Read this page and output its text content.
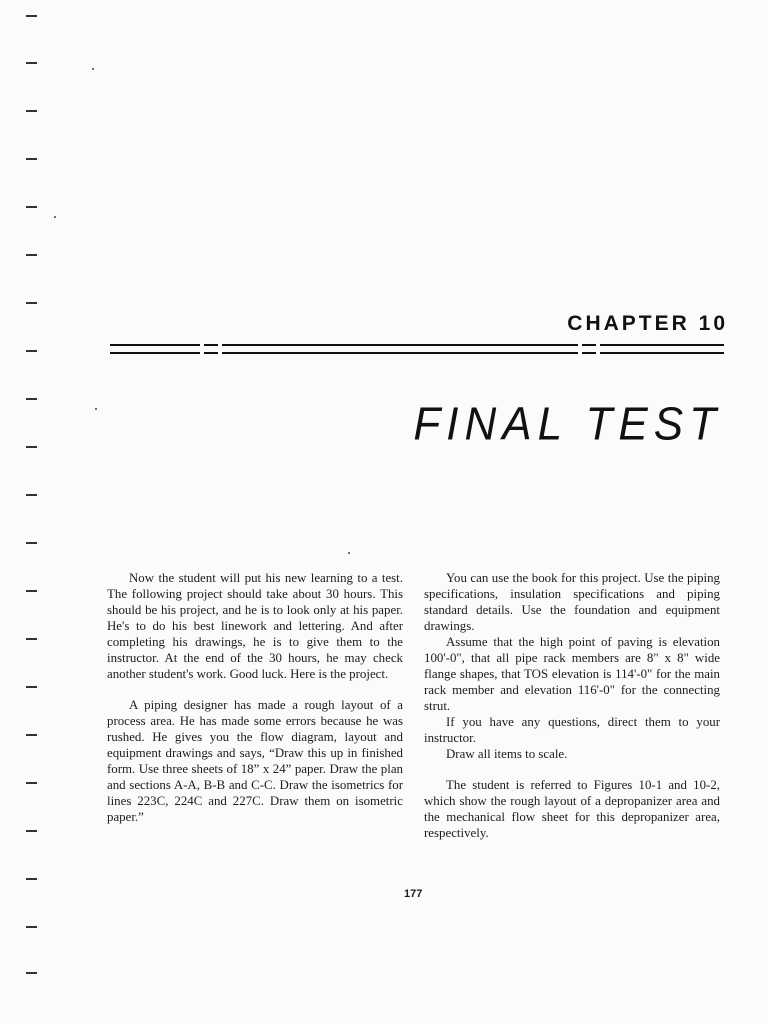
CHAPTER 10
FINAL TEST

Now the student will put his new learning to a test. The following project should take about 30 hours. This should be his project, and he is to look only at his paper. He's to do his best linework and lettering. And after completing his drawings, he is to give them to the instructor. At the end of the 30 hours, he may check another student's work. Good luck. Here is the project.

A piping designer has made a rough layout of a process area. He has made some errors because he was rushed. He gives you the flow diagram, layout and equipment drawings and says, “Draw this up in finished form. Use three sheets of 18” x 24” paper. Draw the plan and sections A-A, B-B and C-C. Draw the isometrics for lines 223C, 224C and 227C. Draw them on isometric paper.”

You can use the book for this project. Use the piping specifications, insulation specifications and piping standard details. Use the foundation and equipment drawings.

Assume that the high point of paving is elevation 100'-0", that all pipe rack members are 8" x 8" wide flange shapes, that TOS elevation is 114'-0" for the main rack member and elevation 116'-0" for the connecting strut.

If you have any questions, direct them to your instructor.

Draw all items to scale.

The student is referred to Figures 10-1 and 10-2, which show the rough layout of a depropanizer area and the mechanical flow sheet for this depropanizer area, respectively.

177
